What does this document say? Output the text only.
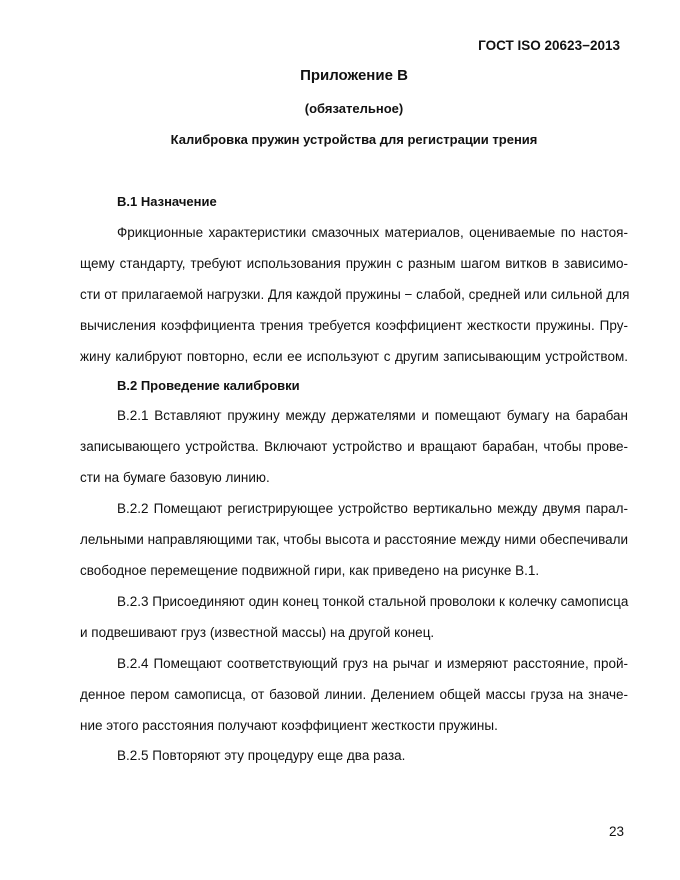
ГОСТ ISO 20623−2013
Приложение В
(обязательное)
Калибровка пружин устройства для регистрации трения
В.1 Назначение
Фрикционные характеристики смазочных материалов, оцениваемые по настоя-
щему стандарту, требуют использования пружин с разным шагом витков в зависимо-
сти от прилагаемой нагрузки. Для каждой пружины − слабой, средней или сильной для
вычисления коэффициента трения требуется коэффициент жесткости пружины. Пру-
жину калибруют повторно, если ее используют с другим записывающим устройством.
В.2 Проведение калибровки
В.2.1 Вставляют пружину между держателями и помещают бумагу на барабан
записывающего устройства. Включают устройство и вращают барабан, чтобы прове-
сти на бумаге базовую линию.
В.2.2 Помещают регистрирующее устройство вертикально между двумя парал-
лельными направляющими так, чтобы высота и расстояние между ними обеспечивали
свободное перемещение подвижной гири, как приведено на рисунке В.1.
В.2.3 Присоединяют один конец тонкой стальной проволоки к колечку самописца
и подвешивают груз (известной массы) на другой конец.
В.2.4 Помещают соответствующий груз на рычаг и измеряют расстояние, прой-
денное пером самописца, от базовой линии. Делением общей массы груза на значе-
ние этого расстояния получают коэффициент жесткости пружины.
В.2.5 Повторяют эту процедуру еще два раза.
23
